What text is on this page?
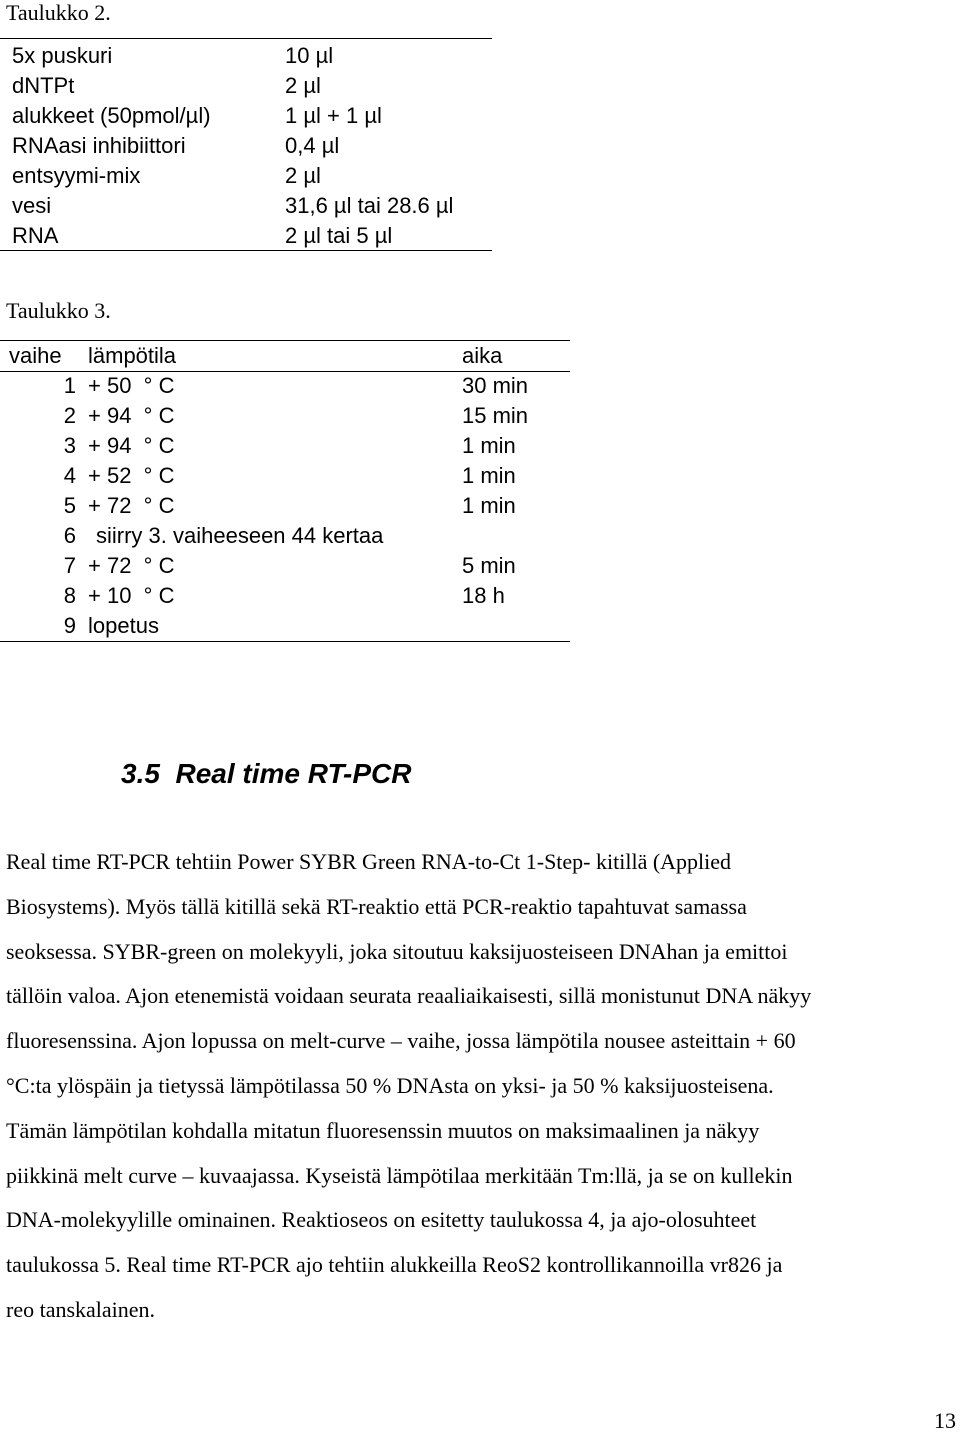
Taulukko 2.
5x puskuri	10 µl
dNTPt	2 µl
alukkeet (50pmol/µl)	1 µl + 1 µl
RNAasi inhibiittori	0,4 µl
entsyymi-mix	2 µl
vesi	31,6 µl tai 28.6 µl
RNA	2 µl tai 5 µl
Taulukko 3.
vaihe lämpötila	aika
1 + 50  ° C	30 min
2 + 94  ° C	15 min
3 + 94  ° C	1 min
4 + 52  ° C	1 min
5 + 72  ° C	1 min
6 siirry 3. vaiheeseen 44 kertaa
7 + 72  ° C	5 min
8 + 10  ° C	18 h
9 lopetus
3.5  Real time RT-PCR
Real time RT-PCR tehtiin Power SYBR Green RNA-to-Ct 1-Step- kitillä (Applied
Biosystems). Myös tällä kitillä sekä RT-reaktio että PCR-reaktio tapahtuvat samassa
seoksessa. SYBR-green on molekyyli, joka sitoutuu kaksijuosteiseen DNAhan ja emittoi
tällöin valoa. Ajon etenemistä voidaan seurata reaaliaikaisesti, sillä monistunut DNA näkyy
fluoresenssina. Ajon lopussa on melt-curve – vaihe, jossa lämpötila nousee asteittain + 60
°C:ta ylöspäin ja tietyssä lämpötilassa 50 % DNAsta on yksi- ja 50 % kaksijuosteisena.
Tämän lämpötilan kohdalla mitatun fluoresenssin muutos on maksimaalinen ja näkyy
piikkinä melt curve – kuvaajassa. Kyseistä lämpötilaa merkitään Tm:llä, ja se on kullekin
DNA-molekyylille ominainen. Reaktioseos on esitetty taulukossa 4, ja ajo-olosuhteet
taulukossa 5. Real time RT-PCR ajo tehtiin alukkeilla ReoS2 kontrollikannoilla vr826 ja
reo tanskalainen.
13
